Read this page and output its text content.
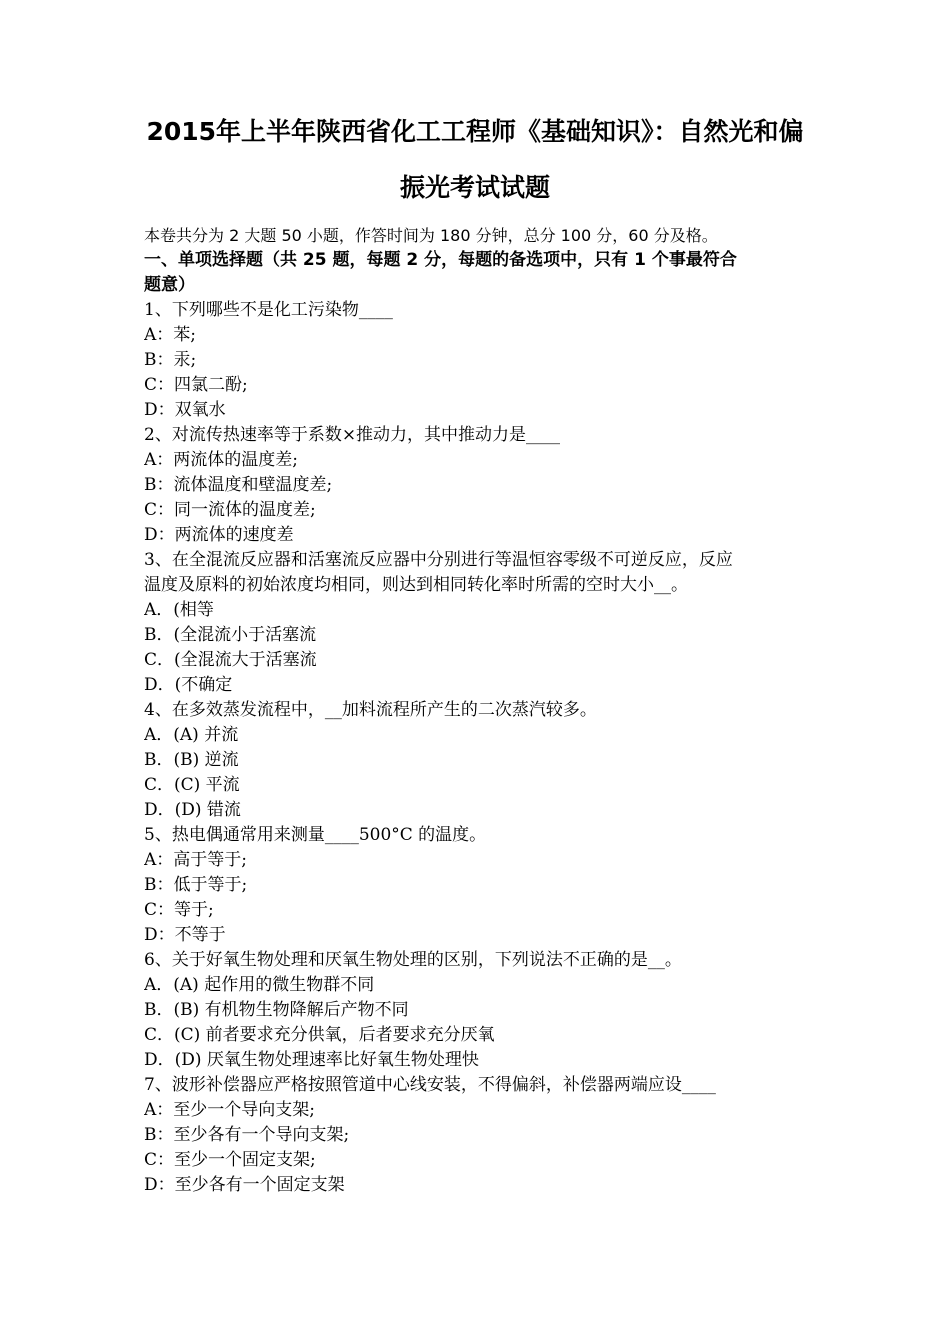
2015年上半年陕西省化工工程师《基础知识》：自然光和偏
振光考试试题
本卷共分为 2 大题 50 小题，作答时间为 180 分钟，总分 100 分，60 分及格。
一、单项选择题（共 25 题，每题 2 分，每题的备选项中，只有 1 个事最符合
题意）
1、下列哪些不是化工污染物____
A：苯;
B：汞;
C：四氯二酚;
D：双氧水
2、对流传热速率等于系数×推动力，其中推动力是____
A：两流体的温度差;
B：流体温度和壁温度差;
C：同一流体的温度差;
D：两流体的速度差
3、在全混流反应器和活塞流反应器中分别进行等温恒容零级不可逆反应，反应
温度及原料的初始浓度均相同，则达到相同转化率时所需的空时大小__。
A．(相等
B．(全混流小于活塞流
C．(全混流大于活塞流
D．(不确定
4、在多效蒸发流程中，__加料流程所产生的二次蒸汽较多。
A．(A) 并流
B．(B) 逆流
C．(C) 平流
D．(D) 错流
5、热电偶通常用来测量____500°C 的温度。
A：高于等于;
B：低于等于;
C：等于;
D：不等于
6、关于好氧生物处理和厌氧生物处理的区别，下列说法不正确的是__。
A．(A) 起作用的微生物群不同
B．(B) 有机物生物降解后产物不同
C．(C) 前者要求充分供氧，后者要求充分厌氧
D．(D) 厌氧生物处理速率比好氧生物处理快
7、波形补偿器应严格按照管道中心线安装，不得偏斜，补偿器两端应设____
A：至少一个导向支架;
B：至少各有一个导向支架;
C：至少一个固定支架;
D：至少各有一个固定支架
